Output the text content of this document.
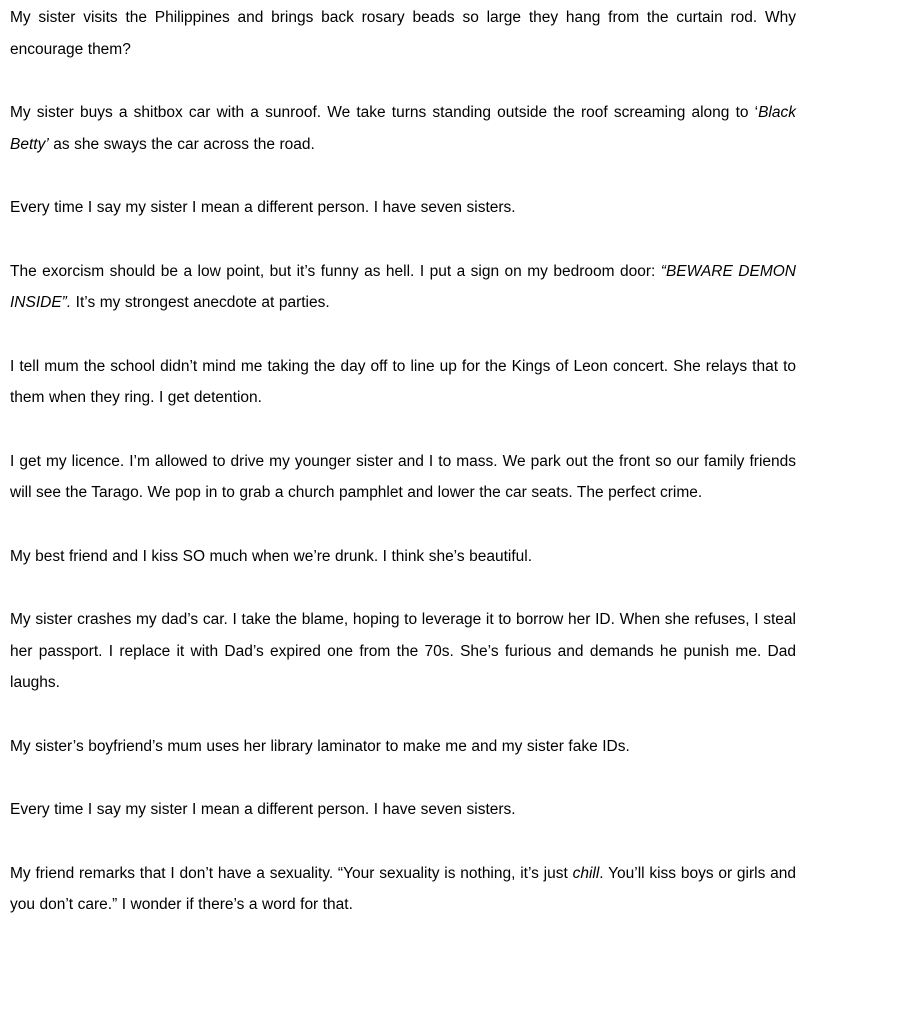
My sister visits the Philippines and brings back rosary beads so large they hang from the curtain rod. Why encourage them?

My sister buys a shitbox car with a sunroof. We take turns standing outside the roof screaming along to ‘Black Betty’ as she sways the car across the road.

Every time I say my sister I mean a different person. I have seven sisters.

The exorcism should be a low point, but it’s funny as hell. I put a sign on my bedroom door: “BEWARE DEMON INSIDE”. It’s my strongest anecdote at parties.

I tell mum the school didn’t mind me taking the day off to line up for the Kings of Leon concert. She relays that to them when they ring. I get detention.

I get my licence. I’m allowed to drive my younger sister and I to mass. We park out the front so our family friends will see the Tarago. We pop in to grab a church pamphlet and lower the car seats. The perfect crime.

My best friend and I kiss SO much when we’re drunk. I think she’s beautiful.

My sister crashes my dad’s car. I take the blame, hoping to leverage it to borrow her ID. When she refuses, I steal her passport. I replace it with Dad’s expired one from the 70s. She’s furious and demands he punish me. Dad laughs.

My sister’s boyfriend’s mum uses her library laminator to make me and my sister fake IDs.

Every time I say my sister I mean a different person. I have seven sisters.

My friend remarks that I don’t have a sexuality. “Your sexuality is nothing, it’s just chill. You’ll kiss boys or girls and you don’t care.” I wonder if there’s a word for that.
